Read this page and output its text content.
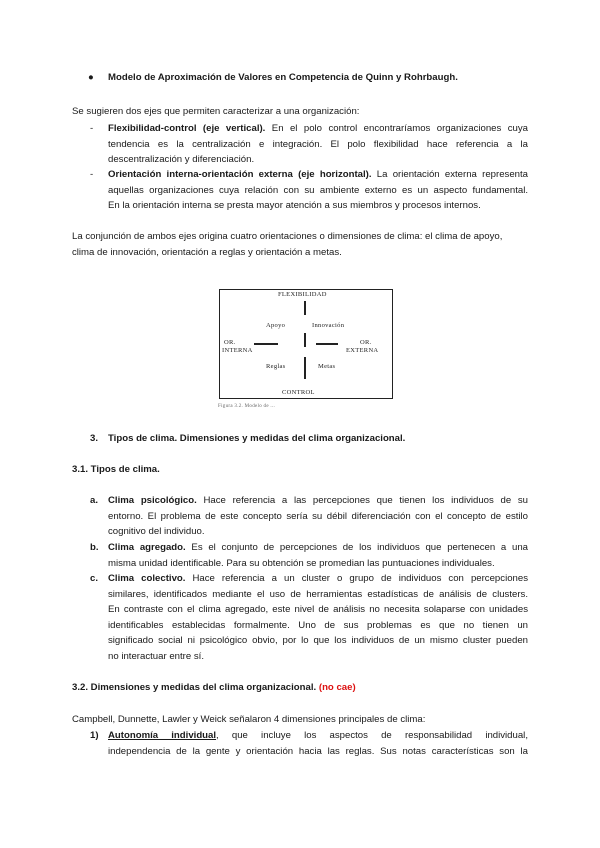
● Modelo de Aproximación de Valores en Competencia de Quinn y Rohrbaugh.
Se sugieren dos ejes que permiten caracterizar a una organización:
- Flexibilidad-control (eje vertical). En el polo control encontraríamos organizaciones cuya
tendencia es la centralización e integración. El polo flexibilidad hace referencia a la
descentralización y diferenciación.
- Orientación interna-orientación externa (eje horizontal). La orientación externa representa
aquellas organizaciones cuya relación con su ambiente externo es un aspecto fundamental.
En la orientación interna se presta mayor atención a sus miembros y procesos internos.
La conjunción de ambos ejes origina cuatro orientaciones o dimensiones de clima: el clima de apoyo,
clima de innovación, orientación a reglas y orientación a metas.
FLEXIBILIDAD
Apoyo	Innovación
OR.
INTERNA
OR.
EXTERNA
Reglas	Metas
CONTROL
Figura 3.2. Modelo de ...
3. Tipos de clima. Dimensiones y medidas del clima organizacional.
3.1. Tipos de clima.
a. Clima psicológico. Hace referencia a las percepciones que tienen los individuos de su
entorno. El problema de este concepto sería su débil diferenciación con el concepto de estilo
cognitivo del individuo.
b. Clima agregado. Es el conjunto de percepciones de los individuos que pertenecen a una
misma unidad identificable. Para su obtención se promedian las puntuaciones individuales.
c. Clima colectivo. Hace referencia a un cluster o grupo de individuos con percepciones
similares, identificados mediante el uso de herramientas estadísticas de análisis de clusters.
En contraste con el clima agregado, este nivel de análisis no necesita solaparse con unidades
identificables establecidas formalmente. Uno de sus problemas es que no tienen un
significado social ni psicológico obvio, por lo que los individuos de un mismo cluster pueden
no interactuar entre sí.
3.2. Dimensiones y medidas del clima organizacional. (no cae)
Campbell, Dunnette, Lawler y Weick señalaron 4 dimensiones principales de clima:
1) Autonomía individual, que incluye los aspectos de responsabilidad individual,
independencia de la gente y orientación hacia las reglas. Sus notas características son la
